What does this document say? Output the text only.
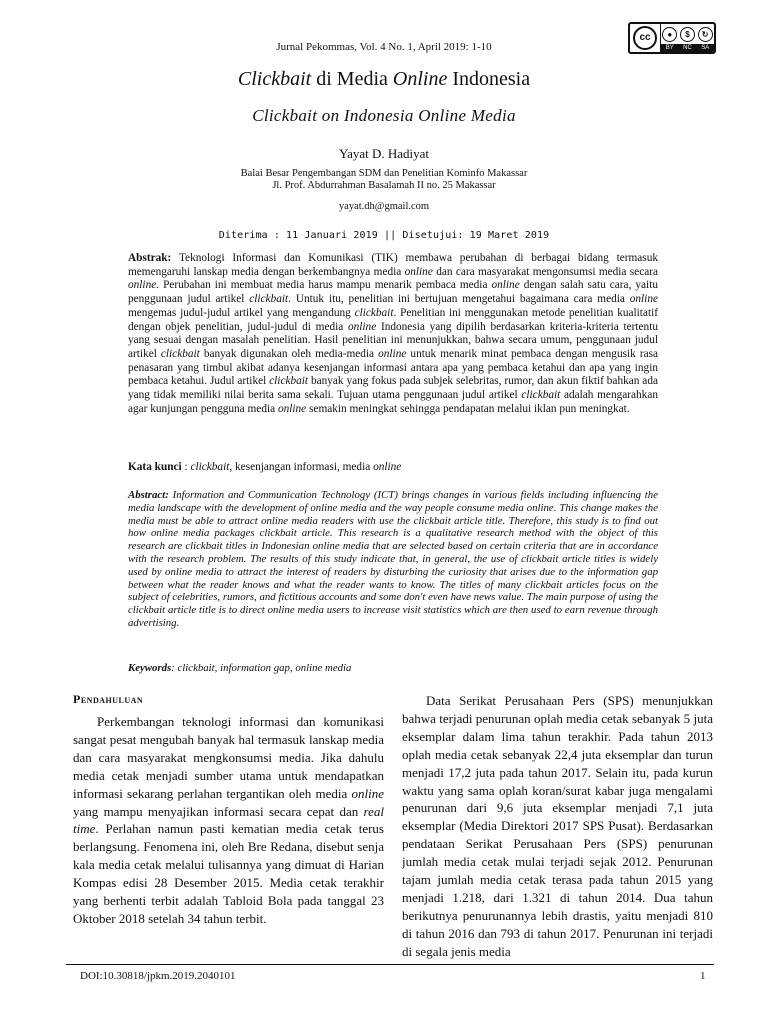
Jurnal Pekommas, Vol. 4 No. 1, April 2019: 1-10
cc	●	$	↻
BY NC SA
Clickbait di Media Online Indonesia
Clickbait on Indonesia Online Media
Yayat D. Hadiyat
Balai Besar Pengembangan SDM dan Penelitian Kominfo Makassar
Jl. Prof. Abdurrahman Basalamah II no. 25 Makassar
yayat.dh@gmail.com
Diterima : 11 Januari 2019 || Disetujui: 19 Maret 2019
Abstrak: Teknologi Informasi dan Komunikasi (TIK) membawa perubahan di berbagai bidang termasuk memengaruhi lanskap media dengan berkembangnya media online dan cara masyarakat mengonsumsi media secara online. Perubahan ini membuat media harus mampu menarik pembaca media online dengan salah satu cara, yaitu penggunaan judul artikel clickbait. Untuk itu, penelitian ini bertujuan mengetahui bagaimana cara media online mengemas judul-judul artikel yang mengandung clickbait. Penelitian ini menggunakan metode penelitian kualitatif dengan objek penelitian, judul-judul di media online Indonesia yang dipilih berdasarkan kriteria-kriteria tertentu yang sesuai dengan masalah penelitian. Hasil penelitian ini menunjukkan, bahwa secara umum, penggunaan judul artikel clickbait banyak digunakan oleh media-media online untuk menarik minat pembaca dengan mengusik rasa penasaran yang timbul akibat adanya kesenjangan informasi antara apa yang pembaca ketahui dan apa yang ingin pembaca ketahui. Judul artikel clickbait banyak yang fokus pada subjek selebritas, rumor, dan akun fiktif bahkan ada yang tidak memiliki nilai berita sama sekali. Tujuan utama penggunaan judul artikel clickbait adalah mengarahkan agar kunjungan pengguna media online semakin meningkat sehingga pendapatan melalui iklan pun meningkat.
Kata kunci : clickbait, kesenjangan informasi, media online
Abstract: Information and Communication Technology (ICT) brings changes in various fields including influencing the media landscape with the development of online media and the way people consume media online. This change makes the media must be able to attract online media readers with use the clickbait article title. Therefore, this study is to find out how online media packages clickbait article. This research is a qualitative research method with the object of this research are clickbait titles in Indonesian online media that are selected based on certain criteria that are in accordance with the research problem. The results of this study indicate that, in general, the use of clickbait article titles is widely used by online media to attract the interest of readers by disturbing the curiosity that arises due to the information gap between what the reader knows and what the reader wants to know. The titles of many clickbait articles focus on the subject of celebrities, rumors, and fictitious accounts and some don't even have news value. The main purpose of using the clickbait article title is to direct online media users to increase visit statistics which are then used to earn revenue through advertising.
Keywords: clickbait, information gap, online media
Pendahuluan

Perkembangan teknologi informasi dan komunikasi sangat pesat mengubah banyak hal termasuk lanskap media dan cara masyarakat mengkonsumsi media. Jika dahulu media cetak menjadi sumber utama untuk mendapatkan informasi sekarang perlahan tergantikan oleh media online yang mampu menyajikan informasi secara cepat dan real time. Perlahan namun pasti kematian media cetak terus berlangsung. Fenomena ini, oleh Bre Redana, disebut senja kala media cetak melalui tulisannya yang dimuat di Harian Kompas edisi 28 Desember 2015. Media cetak terakhir yang berhenti terbit adalah Tabloid Bola pada tanggal 23 Oktober 2018 setelah 34 tahun terbit.

Data Serikat Perusahaan Pers (SPS) menunjukkan bahwa terjadi penurunan oplah media cetak sebanyak 5 juta eksemplar dalam lima tahun terakhir. Pada tahun 2013 oplah media cetak sebanyak 22,4 juta eksemplar dan turun menjadi 17,2 juta pada tahun 2017. Selain itu, pada kurun waktu yang sama oplah koran/surat kabar juga mengalami penurunan dari 9,6 juta eksemplar menjadi 7,1 juta eksemplar (Media Direktori 2017 SPS Pusat). Berdasarkan pendataan Serikat Perusahaan Pers (SPS) penurunan jumlah media cetak mulai terjadi sejak 2012. Penurunan tajam jumlah media cetak terasa pada tahun 2015 yang menjadi 1.218, dari 1.321 di tahun 2014. Dua tahun berikutnya penurunannya lebih drastis, yaitu menjadi 810 di tahun 2016 dan 793 di tahun 2017. Penurunan ini terjadi di segala jenis media

DOI:10.30818/jpkm.2019.2040101	1
